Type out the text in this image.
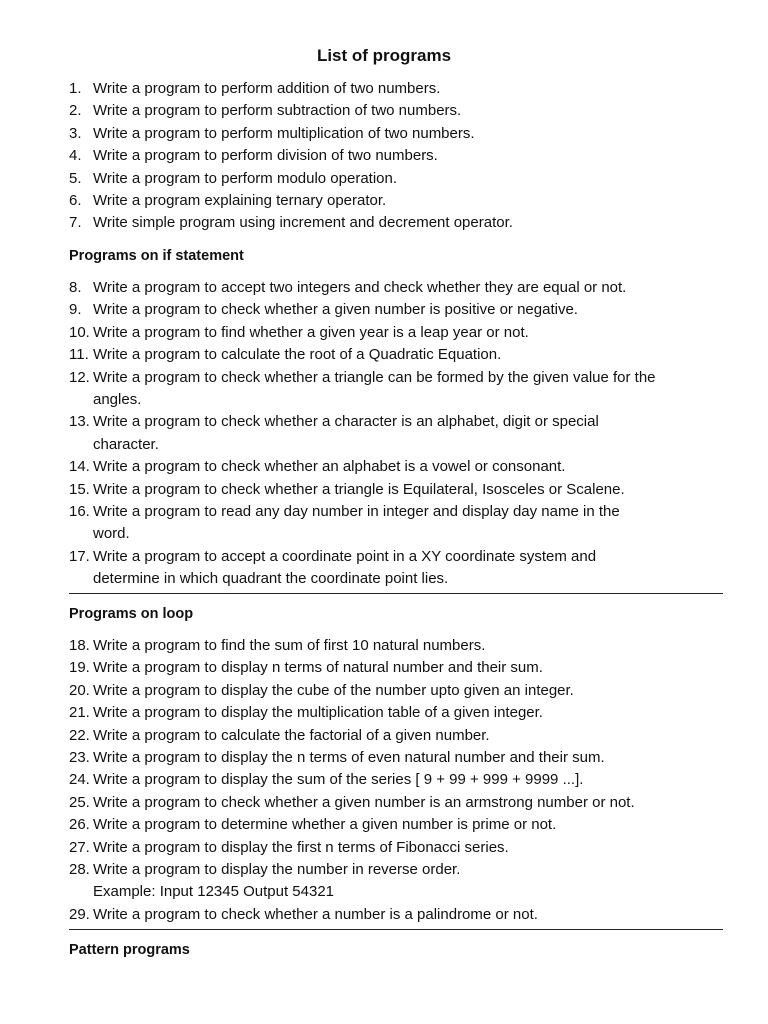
List of programs
1. Write a program to perform addition of two numbers.
2. Write a program to perform subtraction of two numbers.
3. Write a program to perform multiplication of two numbers.
4. Write a program to perform division of two numbers.
5. Write a program to perform modulo operation.
6. Write a program explaining ternary operator.
7. Write simple program using increment and decrement operator.
Programs on if statement
8. Write a program to accept two integers and check whether they are equal or not.
9. Write a program to check whether a given number is positive or negative.
10. Write a program to find whether a given year is a leap year or not.
11. Write a program to calculate the root of a Quadratic Equation.
12. Write a program to check whether a triangle can be formed by the given value for the
angles.
13. Write a program to check whether a character is an alphabet, digit or special
character.
14. Write a program to check whether an alphabet is a vowel or consonant.
15. Write a program to check whether a triangle is Equilateral, Isosceles or Scalene.
16. Write a program to read any day number in integer and display day name in the
word.
17. Write a program to accept a coordinate point in a XY coordinate system and
determine in which quadrant the coordinate point lies.
Programs on loop
18. Write a program to find the sum of first 10 natural numbers.
19. Write a program to display n terms of natural number and their sum.
20. Write a program to display the cube of the number upto given an integer.
21. Write a program to display the multiplication table of a given integer.
22. Write a program to calculate the factorial of a given number.
23. Write a program to display the n terms of even natural number and their sum.
24. Write a program to display the sum of the series [ 9 + 99 + 999 + 9999 ...].
25. Write a program to check whether a given number is an armstrong number or not.
26. Write a program to determine whether a given number is prime or not.
27. Write a program to display the first n terms of Fibonacci series.
28. Write a program to display the number in reverse order.
Example: Input 12345 Output 54321
29. Write a program to check whether a number is a palindrome or not.
Pattern programs
